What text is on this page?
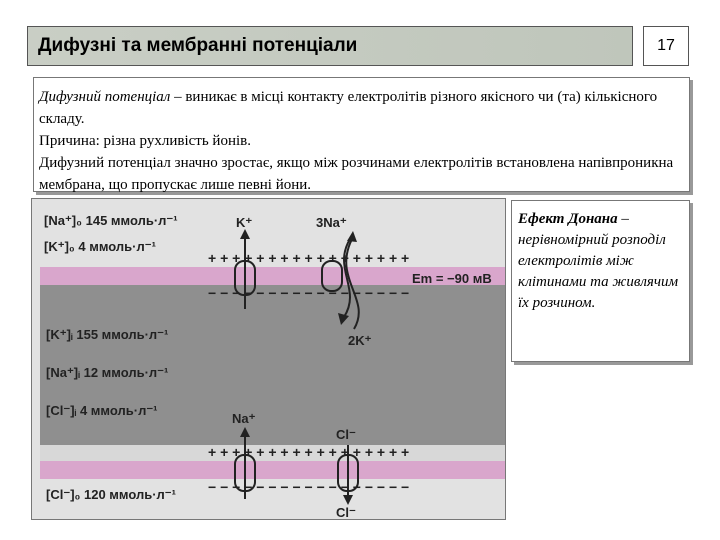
Дифузні та мембранні потенціали	17

Дифузний потенціал – виникає в місці контакту електролітів різного якісного чи (та) кількісного складу.

Причина: різна рухливість йонів.

Дифузний потенціал значно зростає, якщо між розчинами електролітів встановлена напівпроникна мембрана, що пропускає лише певні йони.

+ + + + + + + + + + + + + + + + +
− − − − − − − − − − − − − − − − −
+ + + + + + + + + + + + + + + + +
− − − − − − − − − − − − − − − − −
[Na⁺]₀ 145 ммоль·л⁻¹
[K⁺]₀ 4 ммоль·л⁻¹
[K⁺]ᵢ 155 ммоль·л⁻¹
[Na⁺]ᵢ 12 ммоль·л⁻¹
[Cl⁻]ᵢ 4 ммоль·л⁻¹
[Cl⁻]₀ 120 ммоль·л⁻¹
K⁺	3Na⁺
2K⁺
Em = −90 мВ
Na⁺
Cl⁻
Cl⁻
Ефект Донана – нерівномірний розподіл електролітів між клітинами та живлячим їх розчином.
